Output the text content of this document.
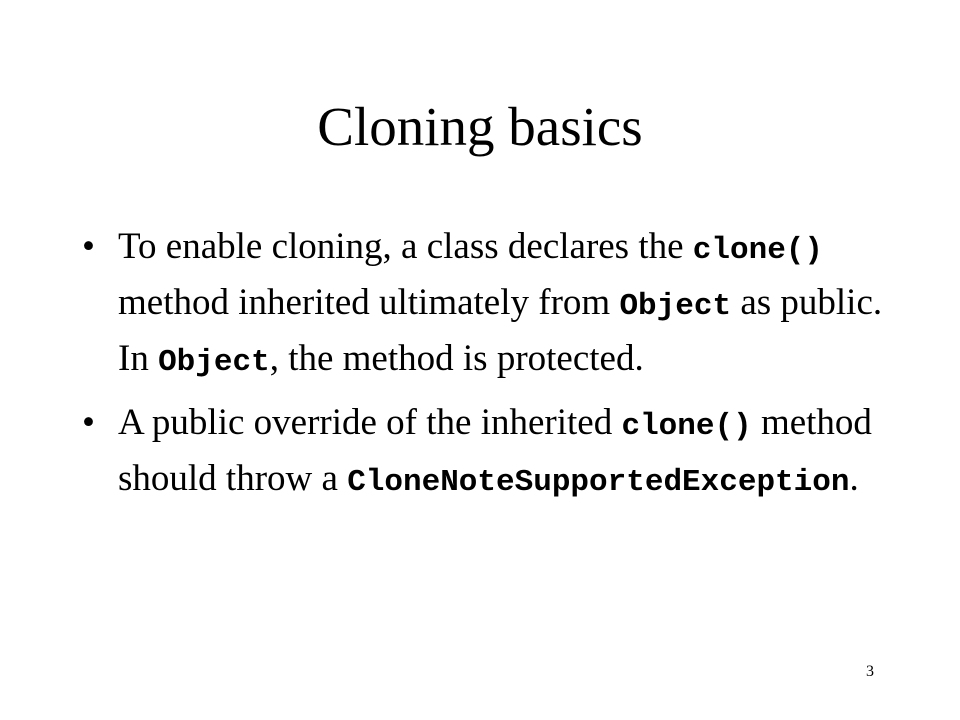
Cloning basics
• To enable cloning, a class declares the clone() method inherited ultimately from Object as public. In Object, the method is protected.
• A public override of the inherited clone() method should throw a CloneNoteSupportedException.
3
